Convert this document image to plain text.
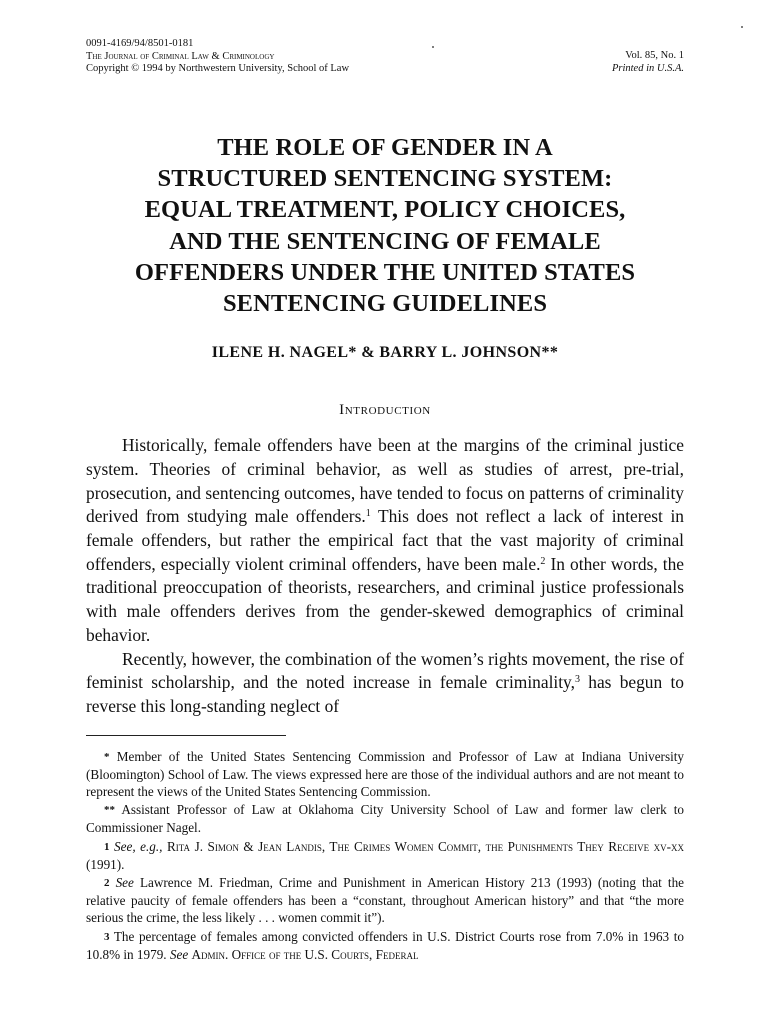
0091-4169/94/8501-0181
The Journal of Criminal Law & Criminology
Copyright © 1994 by Northwestern University, School of Law
Vol. 85, No. 1
Printed in U.S.A.
THE ROLE OF GENDER IN A
STRUCTURED SENTENCING SYSTEM:
EQUAL TREATMENT, POLICY CHOICES,
AND THE SENTENCING OF FEMALE
OFFENDERS UNDER THE UNITED STATES
SENTENCING GUIDELINES
ILENE H. NAGEL* & BARRY L. JOHNSON**
Introduction

Historically, female offenders have been at the margins of the criminal justice system. Theories of criminal behavior, as well as studies of arrest, pre-trial, prosecution, and sentencing outcomes, have tended to focus on patterns of criminality derived from studying male offenders.$^1$ This does not reflect a lack of interest in female offenders, but rather the empirical fact that the vast majority of criminal offenders, especially violent criminal offenders, have been male.$^2$ In other words, the traditional preoccupation of theorists, researchers, and criminal justice professionals with male offenders derives from the gender-skewed demographics of criminal behavior.

Recently, however, the combination of the women’s rights movement, the rise of feminist scholarship, and the noted increase in female criminality,$^3$ has begun to reverse this long-standing neglect of

* Member of the United States Sentencing Commission and Professor of Law at Indiana University (Bloomington) School of Law. The views expressed here are those of the individual authors and are not meant to represent the views of the United States Sentencing Commission.

** Assistant Professor of Law at Oklahoma City University School of Law and former law clerk to Commissioner Nagel.

1 See, e.g., Rita J. Simon & Jean Landis, The Crimes Women Commit, the Punishments They Receive xv-xx (1991).

2 See Lawrence M. Friedman, Crime and Punishment in American History 213 (1993) (noting that the relative paucity of female offenders has been a “constant, throughout American history” and that “the more serious the crime, the less likely . . . women commit it”).

3 The percentage of females among convicted offenders in U.S. District Courts rose from 7.0% in 1963 to 10.8% in 1979. See Admin. Office of the U.S. Courts, Federal
